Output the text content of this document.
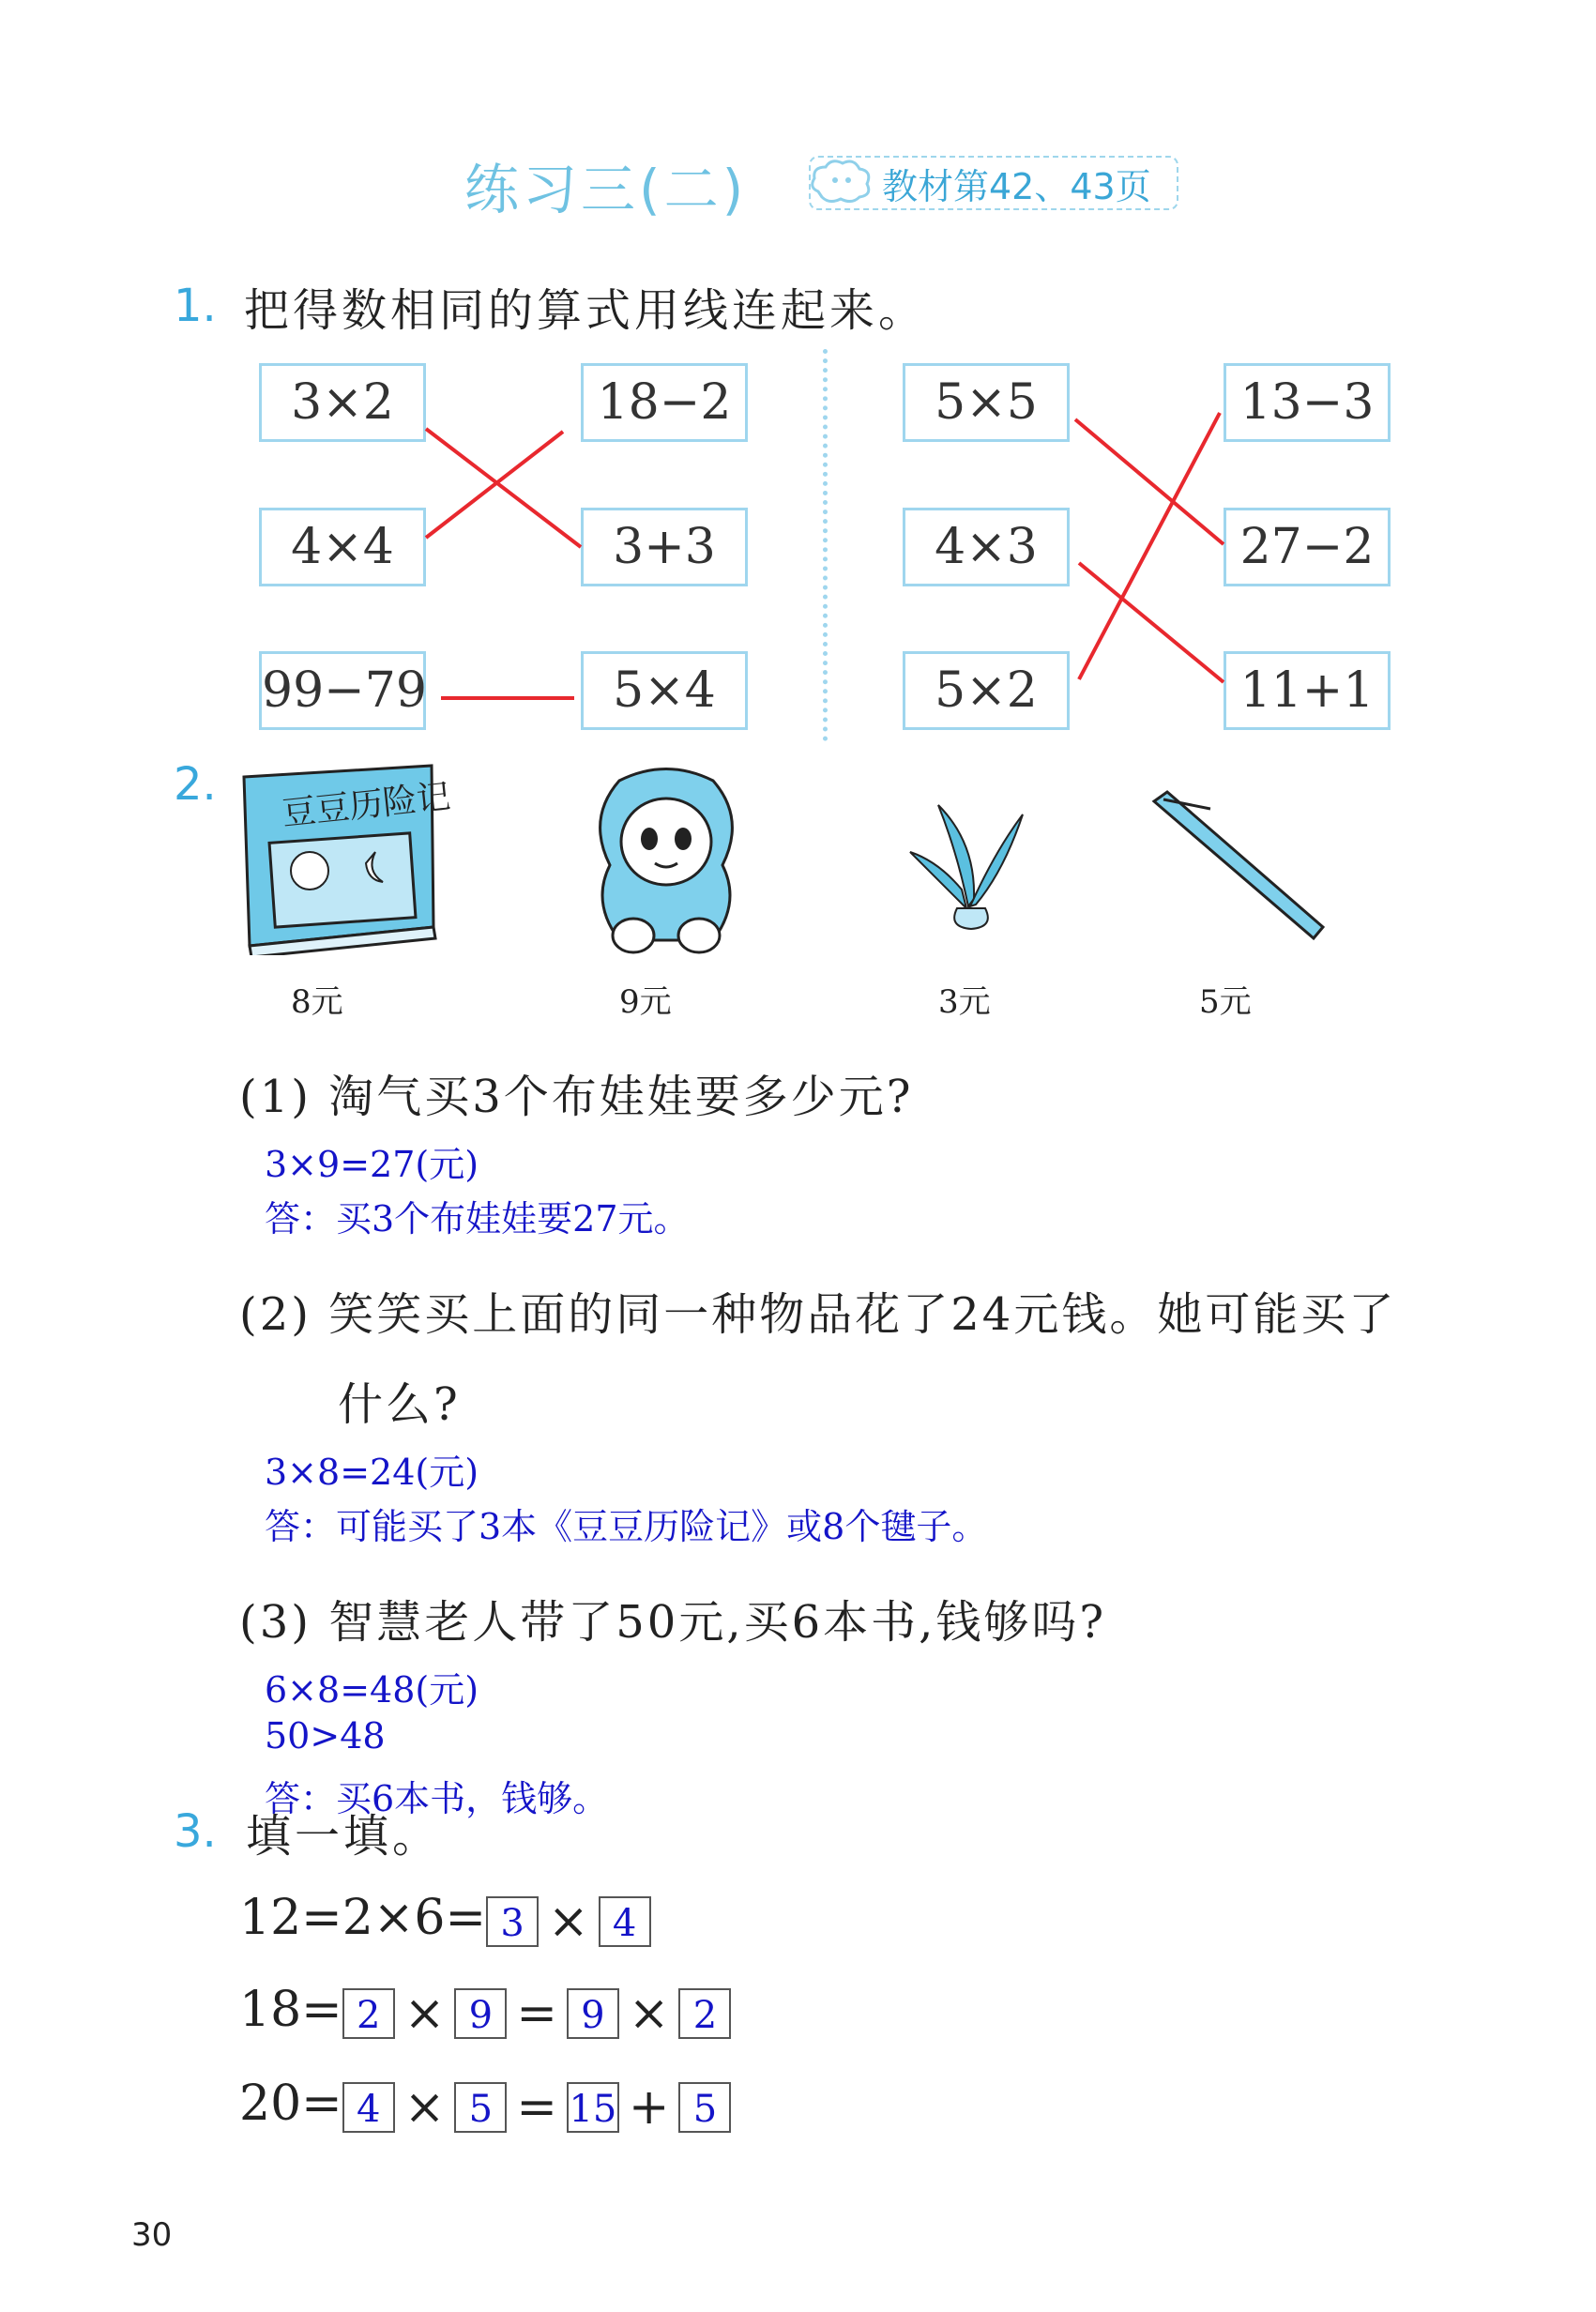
练习三(二)	教材第42、43页
1. 把得数相同的算式用线连起来。
3×2
4×4
99−79
18−2
3+3
5×4
5×5
4×3
5×2
13−3
27−2
11+1
2. 豆豆历险记
8元	9元	3元	5元
(1) 淘气买3个布娃娃要多少元?
3×9=27(元)
答：买3个布娃娃要27元。
(2) 笑笑买上面的同一种物品花了24元钱。她可能买了
什么?
3×8=24(元)
答：可能买了3本《豆豆历险记》或8个毽子。
(3) 智慧老人带了50元,买6本书,钱够吗?
6×8=48(元)
50>48
答：买6本书，钱够。
3. 填一填。
12=2×6= 3 × 4
18= 2 × 9 = 9 × 2
20= 4 × 5 = 15 + 5
30
